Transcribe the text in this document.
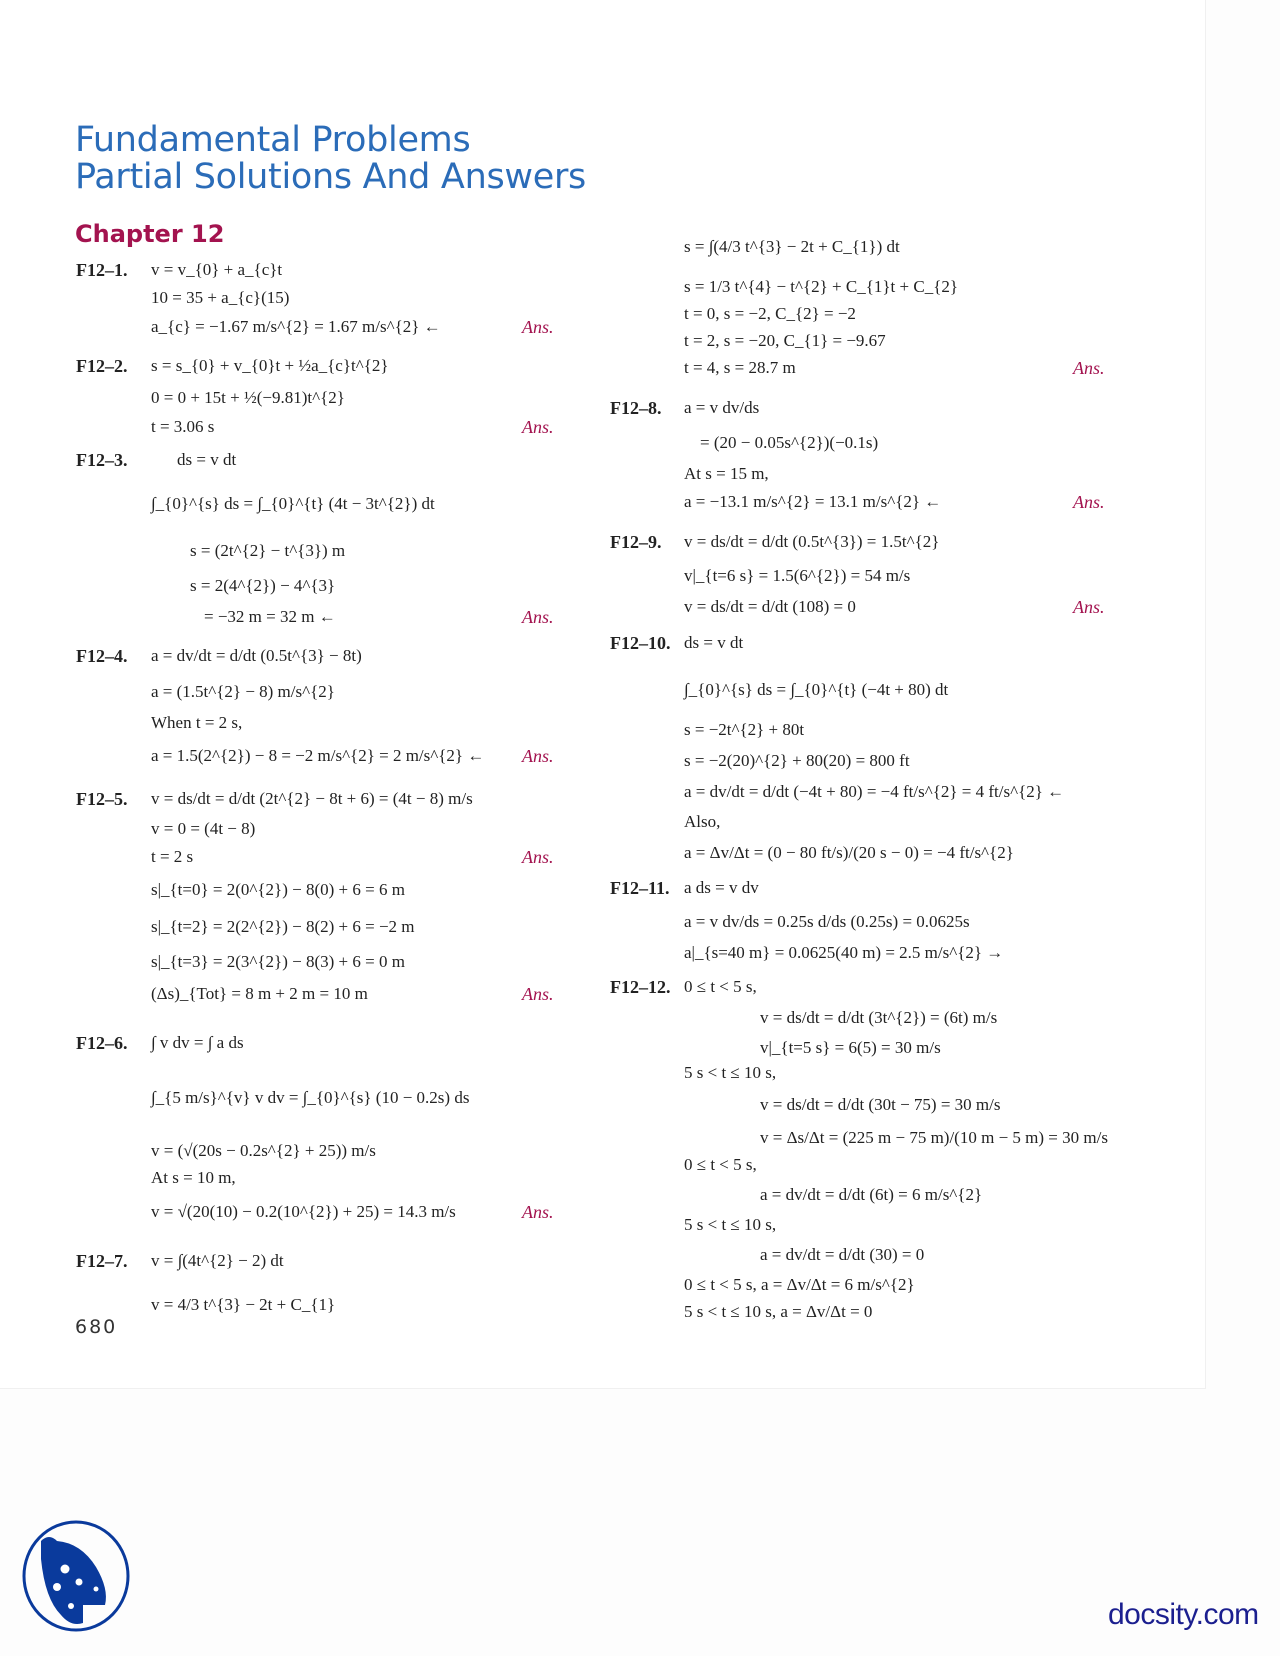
Fundamental Problems
Partial Solutions And Answers
Chapter 12
F12–1. v = v_{0} + a_{c}t
10 = 35 + a_{c}(15)
a_{c} = −1.67 m/s^{2} = 1.67 m/s^{2} ←	Ans.
F12–2. s = s_{0} + v_{0}t + ½a_{c}t^{2}
0 = 0 + 15t + ½(−9.81)t^{2}
t = 3.06 s	Ans.
F12–3.	ds = v dt
∫_{0}^{s} ds = ∫_{0}^{t} (4t − 3t^{2}) dt
s = (2t^{2} − t^{3}) m
s = 2(4^{2}) − 4^{3}
= −32 m = 32 m ←	Ans.
F12–4. a = dv/dt = d/dt (0.5t^{3} − 8t)
a = (1.5t^{2} − 8) m/s^{2}
When t = 2 s,
a = 1.5(2^{2}) − 8 = −2 m/s^{2} = 2 m/s^{2} ← Ans.
F12–5. v = ds/dt = d/dt (2t^{2} − 8t + 6) = (4t − 8) m/s
v = 0 = (4t − 8)
t = 2 s	Ans.
s|_{t=0} = 2(0^{2}) − 8(0) + 6 = 6 m
s|_{t=2} = 2(2^{2}) − 8(2) + 6 = −2 m
s|_{t=3} = 2(3^{2}) − 8(3) + 6 = 0 m
(Δs)_{Tot} = 8 m + 2 m = 10 m	Ans.
F12–6. ∫ v dv = ∫ a ds
∫_{5 m/s}^{v} v dv = ∫_{0}^{s} (10 − 0.2s) ds
v = (√(20s − 0.2s^{2} + 25)) m/s
At s = 10 m,
v = √(20(10) − 0.2(10^{2}) + 25) = 14.3 m/s	Ans.
F12–7. v = ∫(4t^{2} − 2) dt
v = 4/3 t^{3} − 2t + C_{1}
s = ∫(4/3 t^{3} − 2t + C_{1}) dt
s = 1/3 t^{4} − t^{2} + C_{1}t + C_{2}
t = 0, s = −2, C_{2} = −2
t = 2, s = −20, C_{1} = −9.67
t = 4, s = 28.7 m	Ans.
F12–8. a = v dv/ds
= (20 − 0.05s^{2})(−0.1s)
At s = 15 m,
a = −13.1 m/s^{2} = 13.1 m/s^{2} ←	Ans.
F12–9. v = ds/dt = d/dt (0.5t^{3}) = 1.5t^{2}
v|_{t=6 s} = 1.5(6^{2}) = 54 m/s
v = ds/dt = d/dt (108) = 0	Ans.
F12–10. ds = v dt
∫_{0}^{s} ds = ∫_{0}^{t} (−4t + 80) dt
s = −2t^{2} + 80t
s = −2(20)^{2} + 80(20) = 800 ft
a = dv/dt = d/dt (−4t + 80) = −4 ft/s^{2} = 4 ft/s^{2} ←
Also,
a = Δv/Δt = (0 − 80 ft/s)/(20 s − 0) = −4 ft/s^{2}
F12–11. a ds = v dv
a = v dv/ds = 0.25s d/ds (0.25s) = 0.0625s
a|_{s=40 m} = 0.0625(40 m) = 2.5 m/s^{2} →
F12–12. 0 ≤ t < 5 s,
v = ds/dt = d/dt (3t^{2}) = (6t) m/s
v|_{t=5 s} = 6(5) = 30 m/s
5 s < t ≤ 10 s,
v = ds/dt = d/dt (30t − 75) = 30 m/s
v = Δs/Δt = (225 m − 75 m)/(10 m − 5 m) = 30 m/s
0 ≤ t < 5 s,
a = dv/dt = d/dt (6t) = 6 m/s^{2}
5 s < t ≤ 10 s,
a = dv/dt = d/dt (30) = 0
0 ≤ t < 5 s, a = Δv/Δt = 6 m/s^{2}
5 s < t ≤ 10 s, a = Δv/Δt = 0
680
docsity.com
